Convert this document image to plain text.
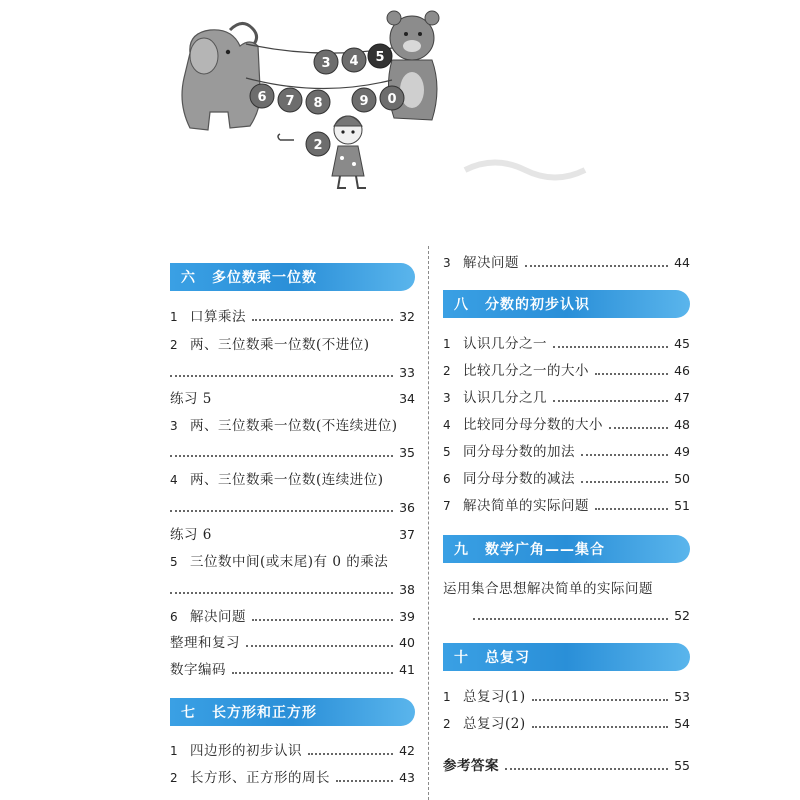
3 4 5
6 7 8	9 0
2
六 多位数乘一位数
1 口算乘法	32
2 两、三位数乘一位数(不进位)
33
练习 5	34
3 两、三位数乘一位数(不连续进位)
35
4 两、三位数乘一位数(连续进位)
36
练习 6	37
5 三位数中间(或末尾)有 0 的乘法
38
6 解决问题	39
整理和复习	40
数字编码	41
七 长方形和正方形
1 四边形的初步认识	42
2 长方形、正方形的周长	43
3 解决问题	44
八 分数的初步认识
1 认识几分之一	45
2 比较几分之一的大小	46
3 认识几分之几	47
4 比较同分母分数的大小	48
5 同分母分数的加法	49
6 同分母分数的减法	50
7 解决简单的实际问题	51
九 数学广角——集合
运用集合思想解决简单的实际问题
52
十 总复习
1 总复习(1)	53
2 总复习(2)	54
参考答案	55
